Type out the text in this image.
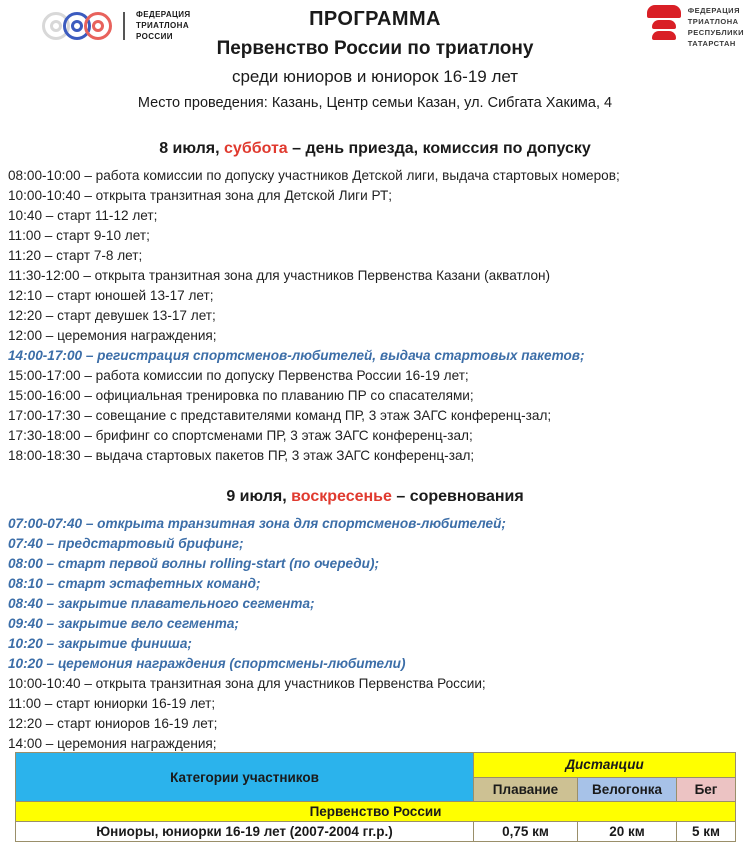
ФЕДЕРАЦИЯ
ТРИАТЛОНА
РОССИИ
ФЕДЕРАЦИЯ
ТРИАТЛОНА
РЕСПУБЛИКИ
ТАТАРСТАН
ПРОГРАММА
Первенство России по триатлону
среди юниоров и юниорок 16-19 лет
Место проведения: Казань, Центр семьи Казан, ул. Сибгата Хакима, 4
8 июля, суббота – день приезда, комиссия по допуску
08:00-10:00 – работа комиссии по допуску участников Детской лиги, выдача стартовых номеров;
10:00-10:40 – открыта транзитная зона для Детской Лиги РТ;
10:40 – старт 11-12 лет;
11:00 – старт 9-10 лет;
11:20 – старт 7-8 лет;
11:30-12:00 – открыта транзитная зона для участников Первенства Казани (акватлон)
12:10 – старт юношей 13-17 лет;
12:20 – старт девушек 13-17 лет;
12:00 – церемония награждения;
14:00-17:00 – регистрация спортсменов-любителей, выдача стартовых пакетов;
15:00-17:00 – работа комиссии по допуску Первенства России 16-19 лет;
15:00-16:00 – официальная тренировка по плаванию ПР со спасателями;
17:00-17:30 – совещание с представителями команд ПР, 3 этаж ЗАГС конференц-зал;
17:30-18:00 – брифинг со спортсменами ПР, 3 этаж ЗАГС конференц-зал;
18:00-18:30 – выдача стартовых пакетов ПР, 3 этаж ЗАГС конференц-зал;
9 июля, воскресенье – соревнования
07:00-07:40 – открыта транзитная зона для спортсменов-любителей;
07:40 – предстартовый брифинг;
08:00 – старт первой волны rolling-start (по очереди);
08:10 – старт эстафетных команд;
08:40 – закрытие плавательного сегмента;
09:40 – закрытие вело сегмента;
10:20 – закрытие финиша;
10:20 – церемония награждения (спортсмены-любители)
10:00-10:40 – открыта транзитная зона для участников Первенства России;
11:00 – старт юниорки 16-19 лет;
12:20 – старт юниоров 16-19 лет;
14:00 – церемония награждения;
Категории участников	Дистанции		
	Плавание	Велогонка	Бег
Первенство России			
Юниоры, юниорки 16-19 лет (2007-2004 гг.р.)	0,75 км	20 км	5 км
